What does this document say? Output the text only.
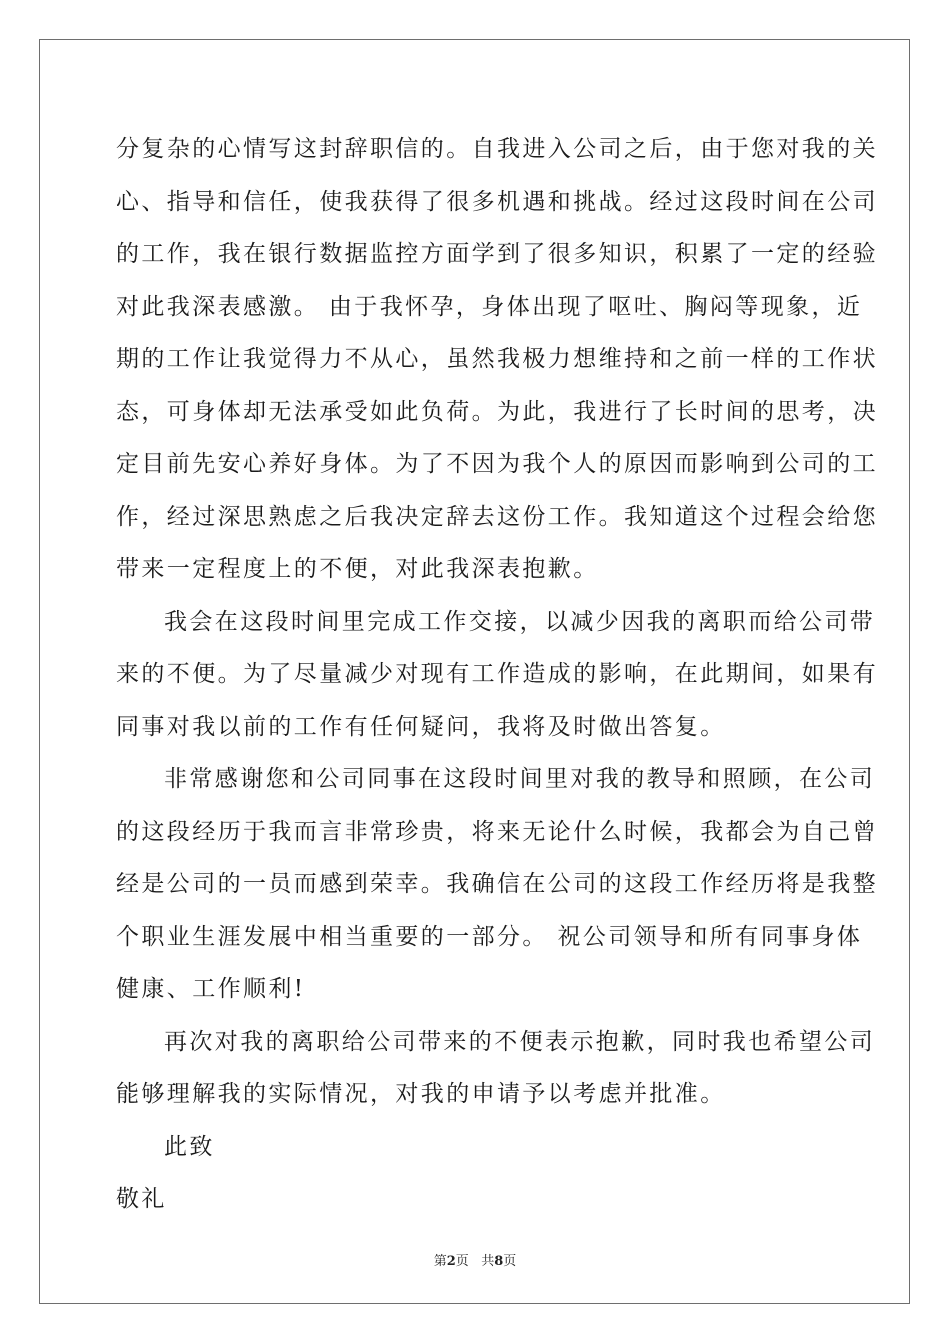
分复杂的心情写这封辞职信的。自我进入公司之后，由于您对我的关
心、指导和信任，使我获得了很多机遇和挑战。经过这段时间在公司
的工作，我在银行数据监控方面学到了很多知识，积累了一定的经验
对此我深表感激。 由于我怀孕，身体出现了呕吐、胸闷等现象，近
期的工作让我觉得力不从心，虽然我极力想维持和之前一样的工作状
态，可身体却无法承受如此负荷。为此，我进行了长时间的思考，决
定目前先安心养好身体。为了不因为我个人的原因而影响到公司的工
作，经过深思熟虑之后我决定辞去这份工作。我知道这个过程会给您
带来一定程度上的不便，对此我深表抱歉。
我会在这段时间里完成工作交接，以减少因我的离职而给公司带
来的不便。为了尽量减少对现有工作造成的影响，在此期间，如果有
同事对我以前的工作有任何疑问，我将及时做出答复。
非常感谢您和公司同事在这段时间里对我的教导和照顾，在公司
的这段经历于我而言非常珍贵，将来无论什么时候，我都会为自己曾
经是公司的一员而感到荣幸。我确信在公司的这段工作经历将是我整
个职业生涯发展中相当重要的一部分。 祝公司领导和所有同事身体
健康、工作顺利!
再次对我的离职给公司带来的不便表示抱歉，同时我也希望公司
能够理解我的实际情况，对我的申请予以考虑并批准。
此致
敬礼
第2页 共8页
